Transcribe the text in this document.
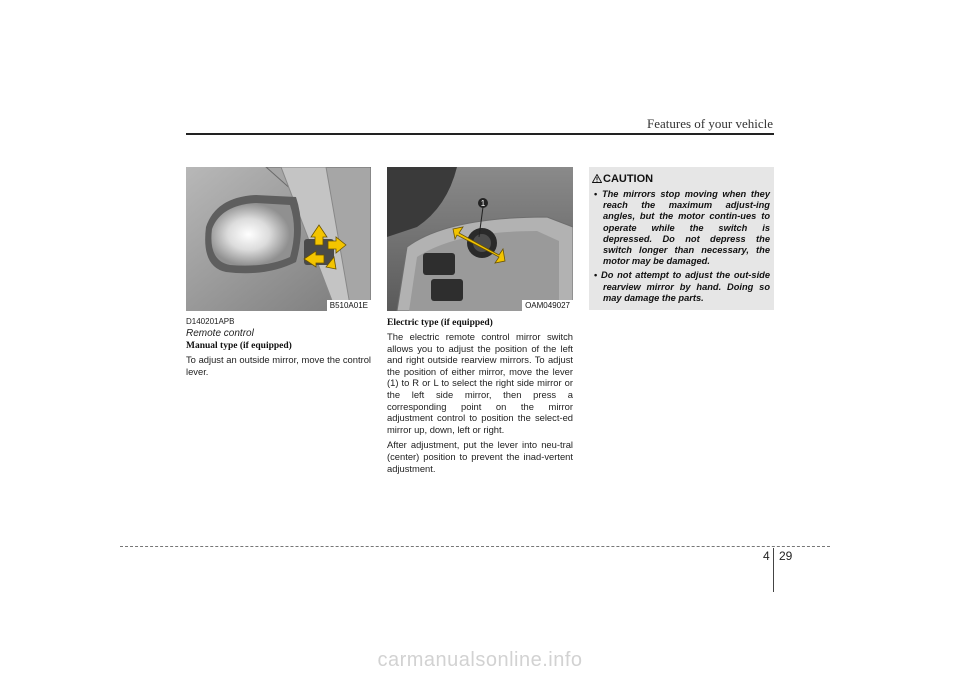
Features of your vehicle
B510A01E
1
OAM049027
D140201APB
Remote control
Manual type (if equipped)
To adjust an outside mirror, move the control lever.
Electric type (if equipped)

The electric remote control mirror switch allows you to adjust the position of the left and right outside rearview mirrors. To adjust the position of either mirror, move the lever (1) to R or L to select the right side mirror or the left side mirror, then press a corresponding point on the mirror adjustment control to position the select-ed mirror up, down, left or right.

After adjustment, put the lever into neu-tral (center) position to prevent the inad-vertent adjustment.

CAUTION
• The mirrors stop moving when they reach the maximum adjust-ing angles, but the motor contin-ues to operate while the switch is depressed. Do not depress the switch longer than necessary, the motor may be damaged.
• Do not attempt to adjust the out-side rearview mirror by hand. Doing so may damage the parts.
4 29
carmanualsonline.info
